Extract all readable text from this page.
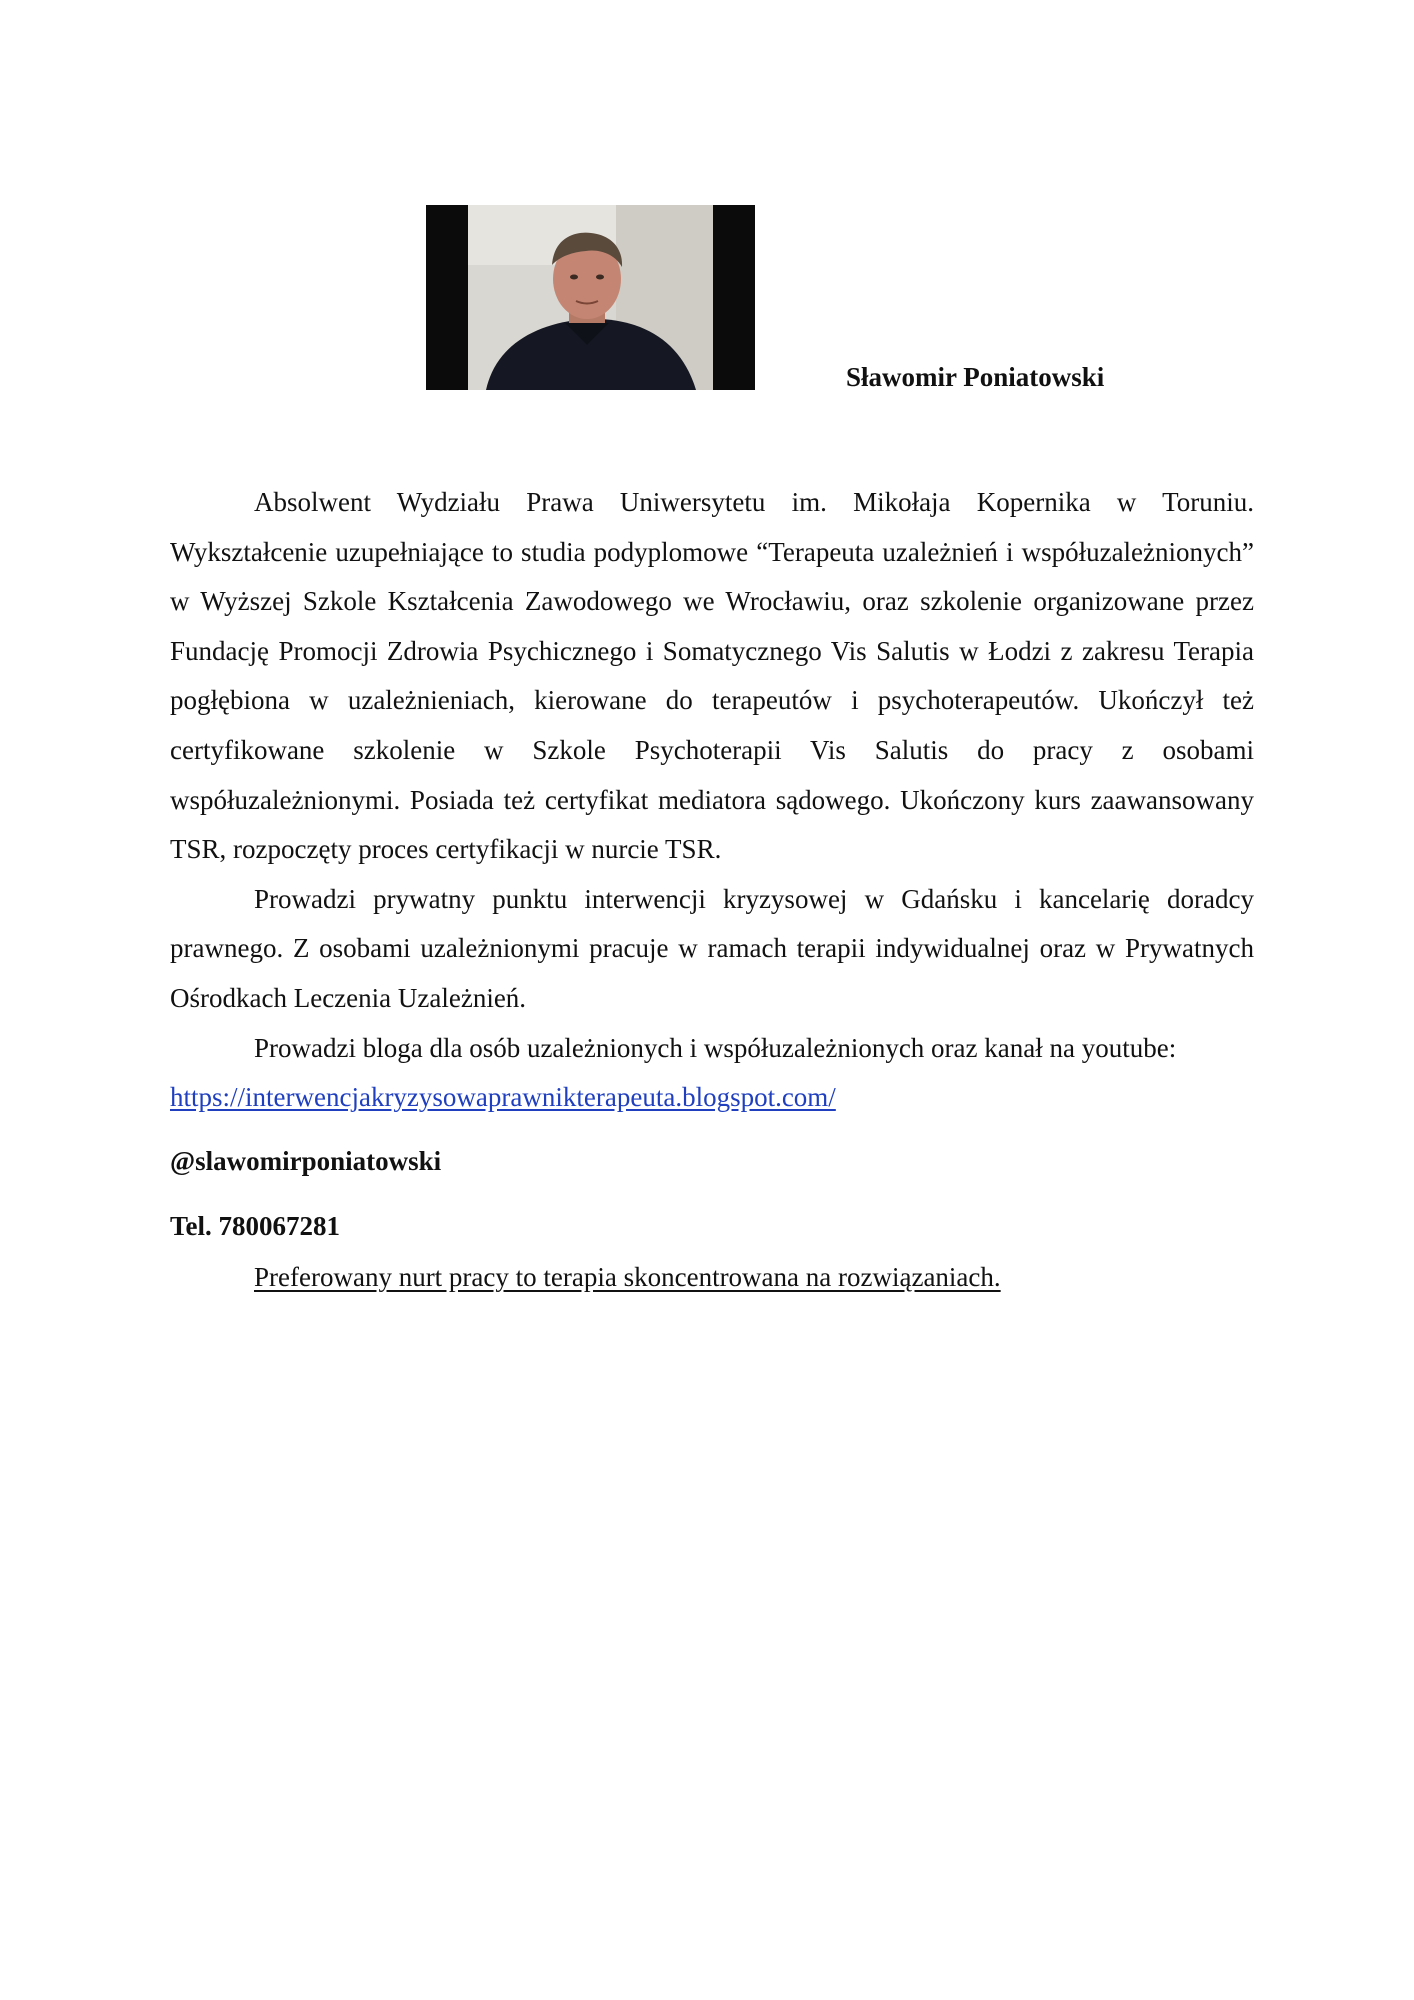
Sławomir Poniatowski

Absolwent Wydziału Prawa Uniwersytetu im. Mikołaja Kopernika w Toruniu. Wykształcenie uzupełniające to studia podyplomowe “Terapeuta uzależnień i współuzależnionych” w Wyższej Szkole Kształcenia Zawodowego we Wrocławiu, oraz szkolenie organizowane przez Fundację Promocji Zdrowia Psychicznego i Somatycznego Vis Salutis w Łodzi z zakresu Terapia pogłębiona w uzależnieniach, kierowane do terapeutów i psychoterapeutów. Ukończył też certyfikowane szkolenie w Szkole Psychoterapii Vis Salutis do pracy z osobami współuzależnionymi. Posiada też certyfikat mediatora sądowego. Ukończony kurs zaawansowany TSR, rozpoczęty proces certyfikacji w nurcie TSR.

Prowadzi prywatny punktu interwencji kryzysowej w Gdańsku i kancelarię doradcy prawnego. Z osobami uzależnionymi pracuje w ramach terapii indywidualnej oraz w Prywatnych Ośrodkach Leczenia Uzależnień.

Prowadzi bloga dla osób uzależnionych i współuzależnionych oraz kanał na youtube:

https://interwencjakryzysowaprawnikterapeuta.blogspot.com/

@slawomirponiatowski
Tel. 780067281
Preferowany nurt pracy to terapia skoncentrowana na rozwiązaniach.
